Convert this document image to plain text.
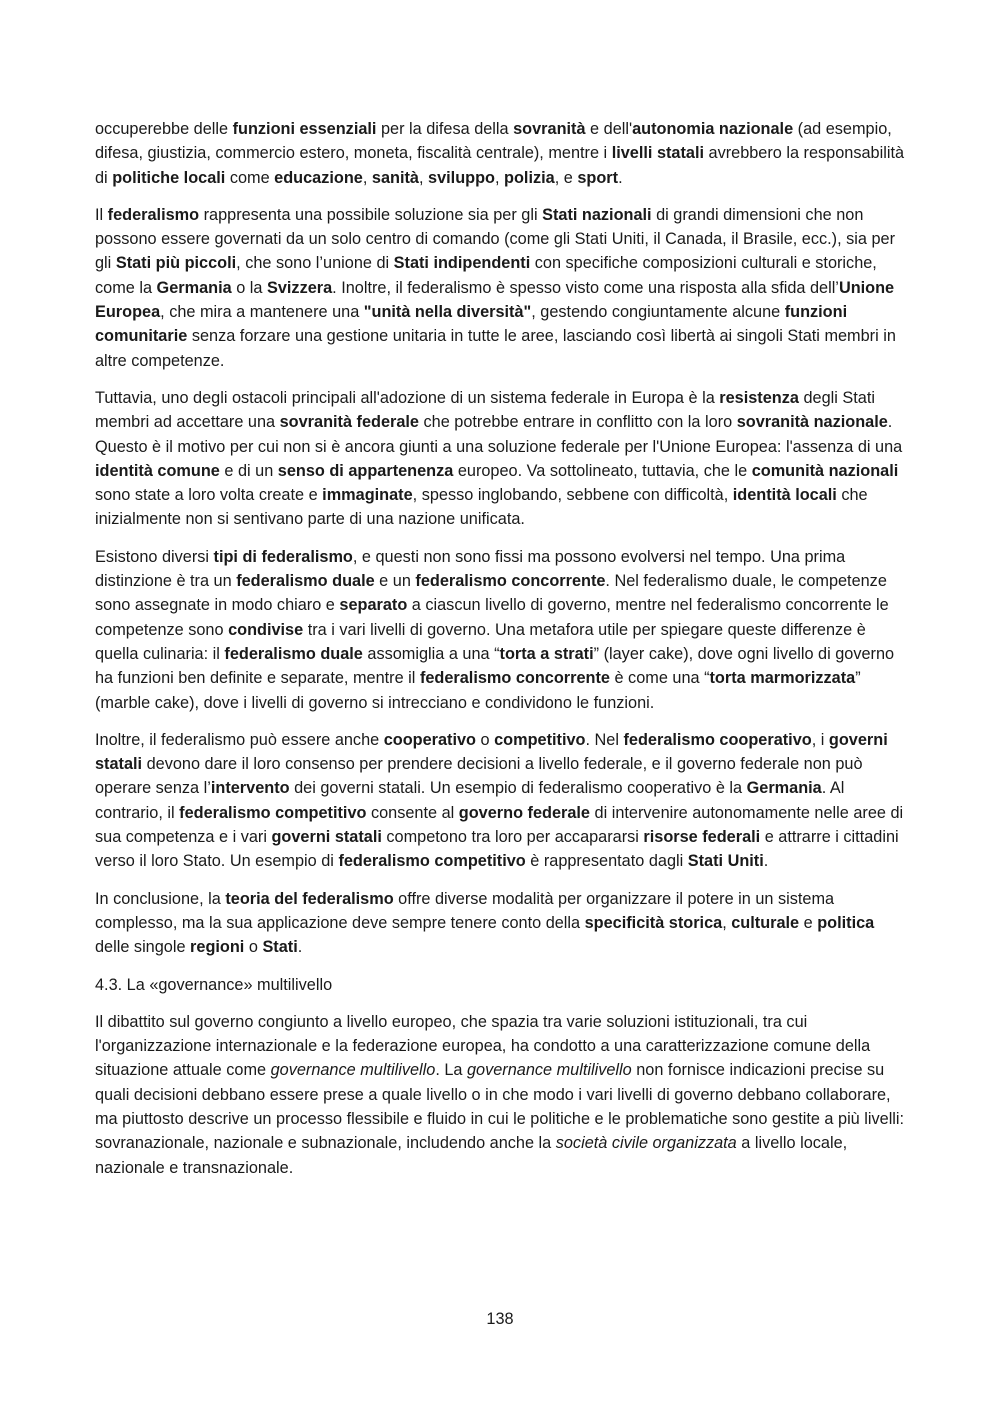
occuperebbe delle funzioni essenziali per la difesa della sovranità e dell'autonomia nazionale (ad esempio, difesa, giustizia, commercio estero, moneta, fiscalità centrale), mentre i livelli statali avrebbero la responsabilità di politiche locali come educazione, sanità, sviluppo, polizia, e sport.

Il federalismo rappresenta una possibile soluzione sia per gli Stati nazionali di grandi dimensioni che non possono essere governati da un solo centro di comando (come gli Stati Uniti, il Canada, il Brasile, ecc.), sia per gli Stati più piccoli, che sono l’unione di Stati indipendenti con specifiche composizioni culturali e storiche, come la Germania o la Svizzera. Inoltre, il federalismo è spesso visto come una risposta alla sfida dell’Unione Europea, che mira a mantenere una "unità nella diversità", gestendo congiuntamente alcune funzioni comunitarie senza forzare una gestione unitaria in tutte le aree, lasciando così libertà ai singoli Stati membri in altre competenze.

Tuttavia, uno degli ostacoli principali all'adozione di un sistema federale in Europa è la resistenza degli Stati membri ad accettare una sovranità federale che potrebbe entrare in conflitto con la loro sovranità nazionale. Questo è il motivo per cui non si è ancora giunti a una soluzione federale per l'Unione Europea: l'assenza di una identità comune e di un senso di appartenenza europeo. Va sottolineato, tuttavia, che le comunità nazionali sono state a loro volta create e immaginate, spesso inglobando, sebbene con difficoltà, identità locali che inizialmente non si sentivano parte di una nazione unificata.

Esistono diversi tipi di federalismo, e questi non sono fissi ma possono evolversi nel tempo. Una prima distinzione è tra un federalismo duale e un federalismo concorrente. Nel federalismo duale, le competenze sono assegnate in modo chiaro e separato a ciascun livello di governo, mentre nel federalismo concorrente le competenze sono condivise tra i vari livelli di governo. Una metafora utile per spiegare queste differenze è quella culinaria: il federalismo duale assomiglia a una “torta a strati” (layer cake), dove ogni livello di governo ha funzioni ben definite e separate, mentre il federalismo concorrente è come una “torta marmorizzata” (marble cake), dove i livelli di governo si intrecciano e condividono le funzioni.

Inoltre, il federalismo può essere anche cooperativo o competitivo. Nel federalismo cooperativo, i governi statali devono dare il loro consenso per prendere decisioni a livello federale, e il governo federale non può operare senza l’intervento dei governi statali. Un esempio di federalismo cooperativo è la Germania. Al contrario, il federalismo competitivo consente al governo federale di intervenire autonomamente nelle aree di sua competenza e i vari governi statali competono tra loro per accapararsi risorse federali e attrarre i cittadini verso il loro Stato. Un esempio di federalismo competitivo è rappresentato dagli Stati Uniti.

In conclusione, la teoria del federalismo offre diverse modalità per organizzare il potere in un sistema complesso, ma la sua applicazione deve sempre tenere conto della specificità storica, culturale e politica delle singole regioni o Stati.

4.3. La «governance» multilivello

Il dibattito sul governo congiunto a livello europeo, che spazia tra varie soluzioni istituzionali, tra cui l'organizzazione internazionale e la federazione europea, ha condotto a una caratterizzazione comune della situazione attuale come governance multilivello. La governance multilivello non fornisce indicazioni precise su quali decisioni debbano essere prese a quale livello o in che modo i vari livelli di governo debbano collaborare, ma piuttosto descrive un processo flessibile e fluido in cui le politiche e le problematiche sono gestite a più livelli: sovranazionale, nazionale e subnazionale, includendo anche la società civile organizzata a livello locale, nazionale e transnazionale.

138
